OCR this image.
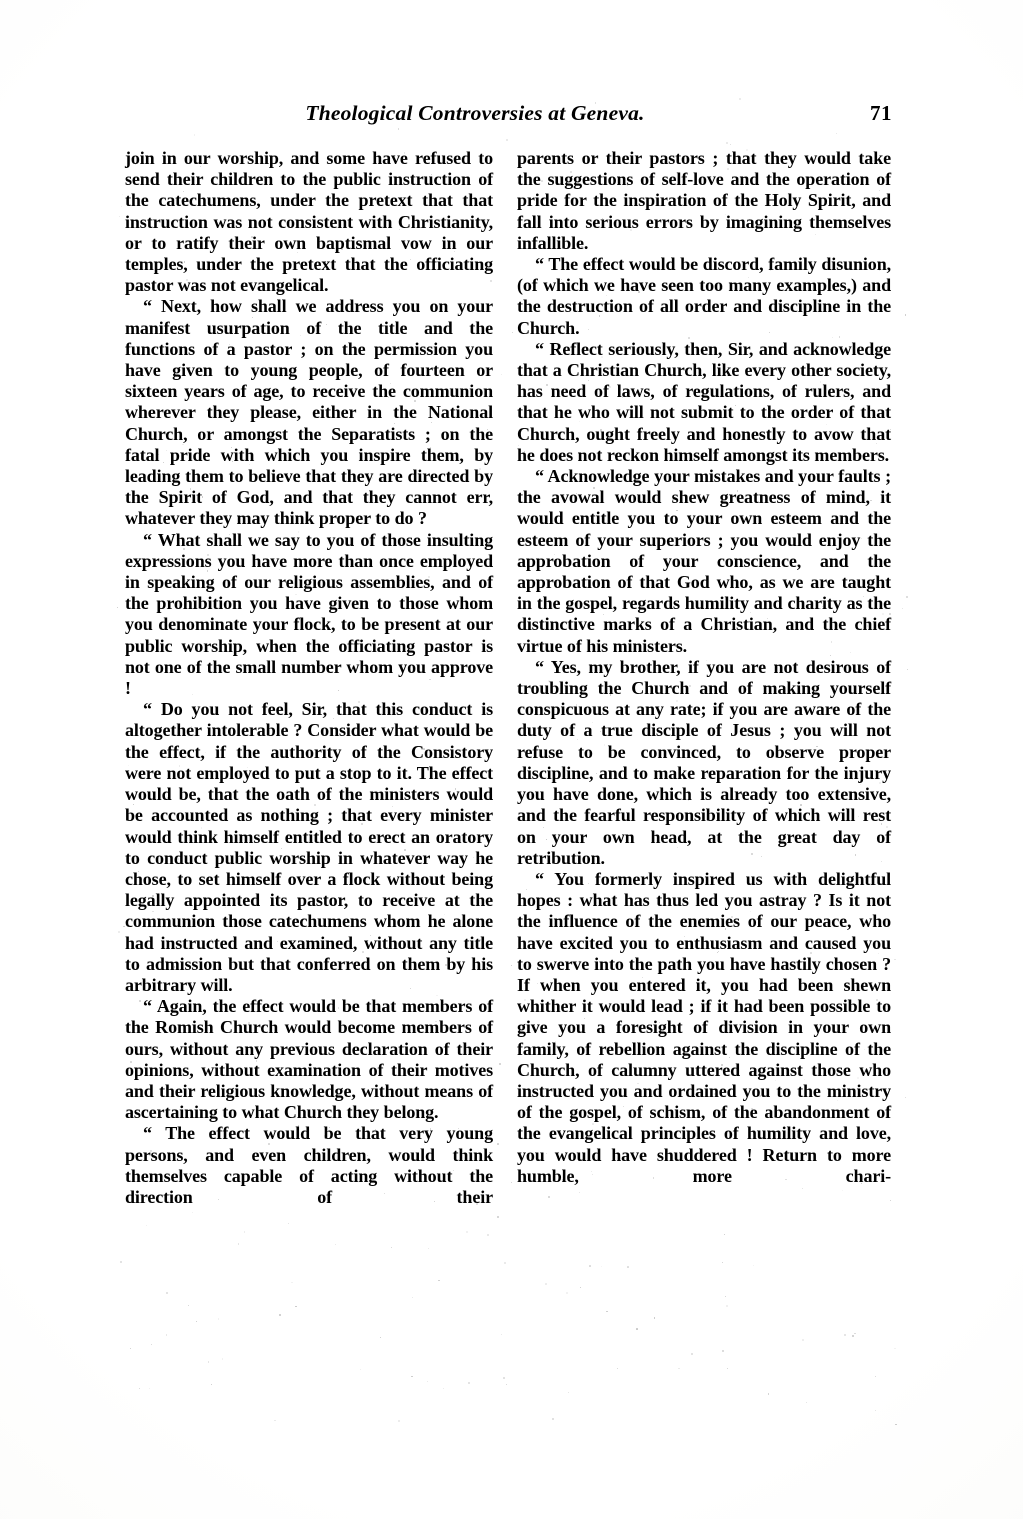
Theological Controversies at Geneva.	71

join in our worship, and some have refused to send their children to the public instruction of the catechumens, under the pretext that that instruction was not consistent with Christianity, or to ratify their own baptismal vow in our temples, under the pretext that the officiating pastor was not evangelical.

“ Next, how shall we address you on your manifest usurpation of the title and the functions of a pastor ; on the permission you have given to young people, of fourteen or sixteen years of age, to receive the communion wherever they please, either in the National Church, or amongst the Separatists ; on the fatal pride with which you inspire them, by leading them to believe that they are directed by the Spirit of God, and that they cannot err, whatever they may think proper to do ?

“ What shall we say to you of those insulting expressions you have more than once employed in speaking of our religious assemblies, and of the prohibition you have given to those whom you denominate your flock, to be present at our public worship, when the officiating pastor is not one of the small number whom you approve !

“ Do you not feel, Sir, that this conduct is altogether intolerable ? Consider what would be the effect, if the authority of the Consistory were not employed to put a stop to it. The effect would be, that the oath of the ministers would be accounted as nothing ; that every minister would think himself entitled to erect an oratory to conduct public worship in whatever way he chose, to set himself over a flock without being legally appointed its pastor, to receive at the communion those catechumens whom he alone had instructed and examined, without any title to admission but that conferred on them by his arbitrary will.

“ Again, the effect would be that members of the Romish Church would become members of ours, without any previous declaration of their opinions, without examination of their motives and their religious knowledge, without means of ascertaining to what Church they belong.

“ The effect would be that very young persons, and even children, would think themselves capable of acting without the direction of their

parents or their pastors ; that they would take the suggestions of self-love and the operation of pride for the inspiration of the Holy Spirit, and fall into serious errors by imagining themselves infallible.

“ The effect would be discord, family disunion, (of which we have seen too many examples,) and the destruction of all order and discipline in the Church.

“ Reflect seriously, then, Sir, and acknowledge that a Christian Church, like every other society, has need of laws, of regulations, of rulers, and that he who will not submit to the order of that Church, ought freely and honestly to avow that he does not reckon himself amongst its members.

“ Acknowledge your mistakes and your faults ; the avowal would shew greatness of mind, it would entitle you to your own esteem and the esteem of your superiors ; you would enjoy the approbation of your conscience, and the approbation of that God who, as we are taught in the gospel, regards humility and charity as the distinctive marks of a Christian, and the chief virtue of his ministers.

“ Yes, my brother, if you are not desirous of troubling the Church and of making yourself conspicuous at any rate; if you are aware of the duty of a true disciple of Jesus ; you will not refuse to be convinced, to observe proper discipline, and to make reparation for the injury you have done, which is already too extensive, and the fearful responsibility of which will rest on your own head, at the great day of retribution.

“ You formerly inspired us with delightful hopes : what has thus led you astray ? Is it not the influence of the enemies of our peace, who have excited you to enthusiasm and caused you to swerve into the path you have hastily chosen ? If when you entered it, you had been shewn whither it would lead ; if it had been possible to give you a foresight of division in your own family, of rebellion against the discipline of the Church, of calumny uttered against those who instructed you and ordained you to the ministry of the gospel, of schism, of the abandonment of the evangelical principles of humility and love, you would have shuddered ! Return to more humble, more chari-
